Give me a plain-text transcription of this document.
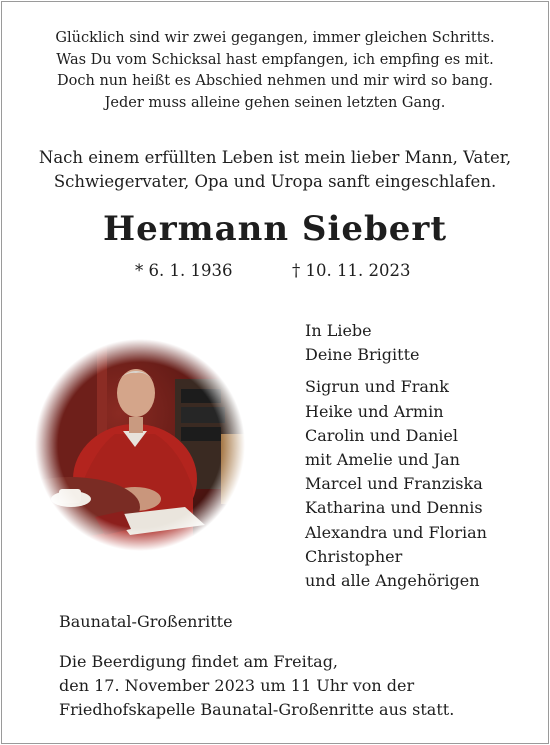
Glücklich sind wir zwei gegangen, immer gleichen Schritts.
Was Du vom Schicksal hast empfangen, ich empfing es mit.
Doch nun heißt es Abschied nehmen und mir wird so bang.
Jeder muss alleine gehen seinen letzten Gang.
Nach einem erfüllten Leben ist mein lieber Mann, Vater,
Schwiegervater, Opa und Uropa sanft eingeschlafen.
Hermann Siebert
* 6. 1. 1936	† 10. 11. 2023
In Liebe
Deine Brigitte
Sigrun und Frank
Heike und Armin
Carolin und Daniel
mit Amelie und Jan
Marcel und Franziska
Katharina und Dennis
Alexandra und Florian
Christopher
und alle Angehörigen
Baunatal-Großenritte
Die Beerdigung findet am Freitag,
den 17. November 2023 um 11 Uhr von der
Friedhofskapelle Baunatal-Großenritte aus statt.
